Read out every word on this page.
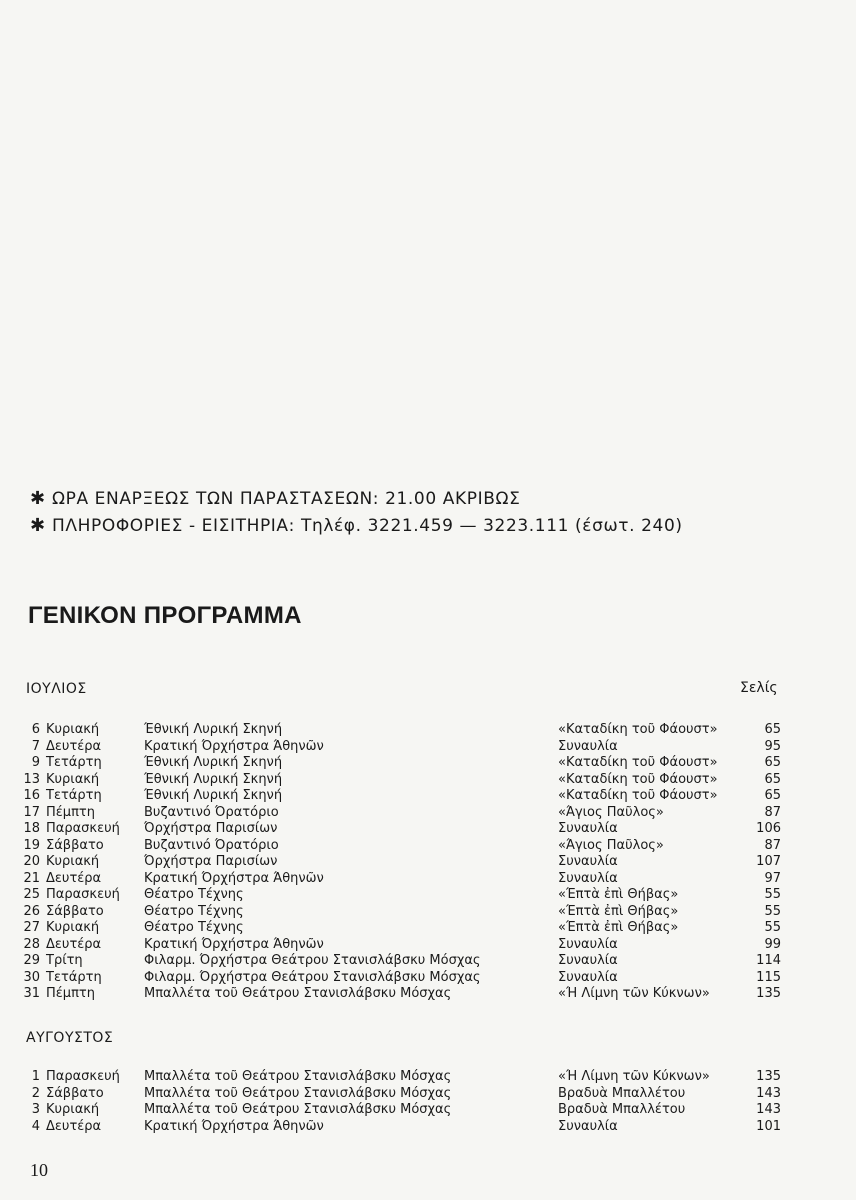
✱ ΩΡΑ ΕΝΑΡΞΕΩΣ ΤΩΝ ΠΑΡΑΣΤΑΣΕΩΝ: 21.00 ΑΚΡΙΒΩΣ
✱ ΠΛΗΡΟΦΟΡΙΕΣ - ΕΙΣΙΤΗΡΙΑ: Τηλέφ. 3221.459 — 3223.111 (έσωτ. 240)
ΓΕΝΙΚΟΝ ΠΡΟΓΡΑΜΜΑ
ΙΟΥΛΙΟΣ	Σελίς
6 Κυριακή	Έθνική Λυρική Σκηνή	«Καταδίκη τοῦ Φάουστ»	65
7 Δευτέρα	Κρατική Όρχήστρα Άθηνῶν	Συναυλία	95
9 Τετάρτη	Έθνική Λυρική Σκηνή	«Καταδίκη τοῦ Φάουστ»	65
13 Κυριακή	Έθνική Λυρική Σκηνή	«Καταδίκη τοῦ Φάουστ»	65
16 Τετάρτη	Έθνική Λυρική Σκηνή	«Καταδίκη τοῦ Φάουστ»	65
17 Πέμπτη	Βυζαντινό Όρατόριο	«Άγιος Παῦλος»	87
18 Παρασκευή Όρχήστρα Παρισίων	Συναυλία	106
19 Σάββατο	Βυζαντινό Όρατόριο	«Άγιος Παῦλος»	87
20 Κυριακή	Όρχήστρα Παρισίων	Συναυλία	107
21 Δευτέρα	Κρατική Όρχήστρα Άθηνῶν	Συναυλία	97
25 Παρασκευή Θέατρο Τέχνης	«Έπτὰ ἐπὶ Θήβας»	55
26 Σάββατο	Θέατρο Τέχνης	«Έπτὰ ἐπὶ Θήβας»	55
27 Κυριακή	Θέατρο Τέχνης	«Έπτὰ ἐπὶ Θήβας»	55
28 Δευτέρα	Κρατική Όρχήστρα Άθηνῶν	Συναυλία	99
29 Τρίτη	Φιλαρμ. Όρχήστρα Θεάτρου Στανισλάβσκυ Μόσχας	Συναυλία	114
30 Τετάρτη	Φιλαρμ. Όρχήστρα Θεάτρου Στανισλάβσκυ Μόσχας	Συναυλία	115
31 Πέμπτη	Μπαλλέτα τοῦ Θεάτρου Στανισλάβσκυ Μόσχας	«Ή Λίμνη τῶν Κύκνων»	135
ΑΥΓΟΥΣΤΟΣ
1 Παρασκευή Μπαλλέτα τοῦ Θεάτρου Στανισλάβσκυ Μόσχας	«Ή Λίμνη τῶν Κύκνων»	135
2 Σάββατο	Μπαλλέτα τοῦ Θεάτρου Στανισλάβσκυ Μόσχας	Βραδυὰ Μπαλλέτου	143
3 Κυριακή	Μπαλλέτα τοῦ Θεάτρου Στανισλάβσκυ Μόσχας	Βραδυὰ Μπαλλέτου	143
4 Δευτέρα	Κρατική Όρχήστρα Άθηνῶν	Συναυλία	101
10
